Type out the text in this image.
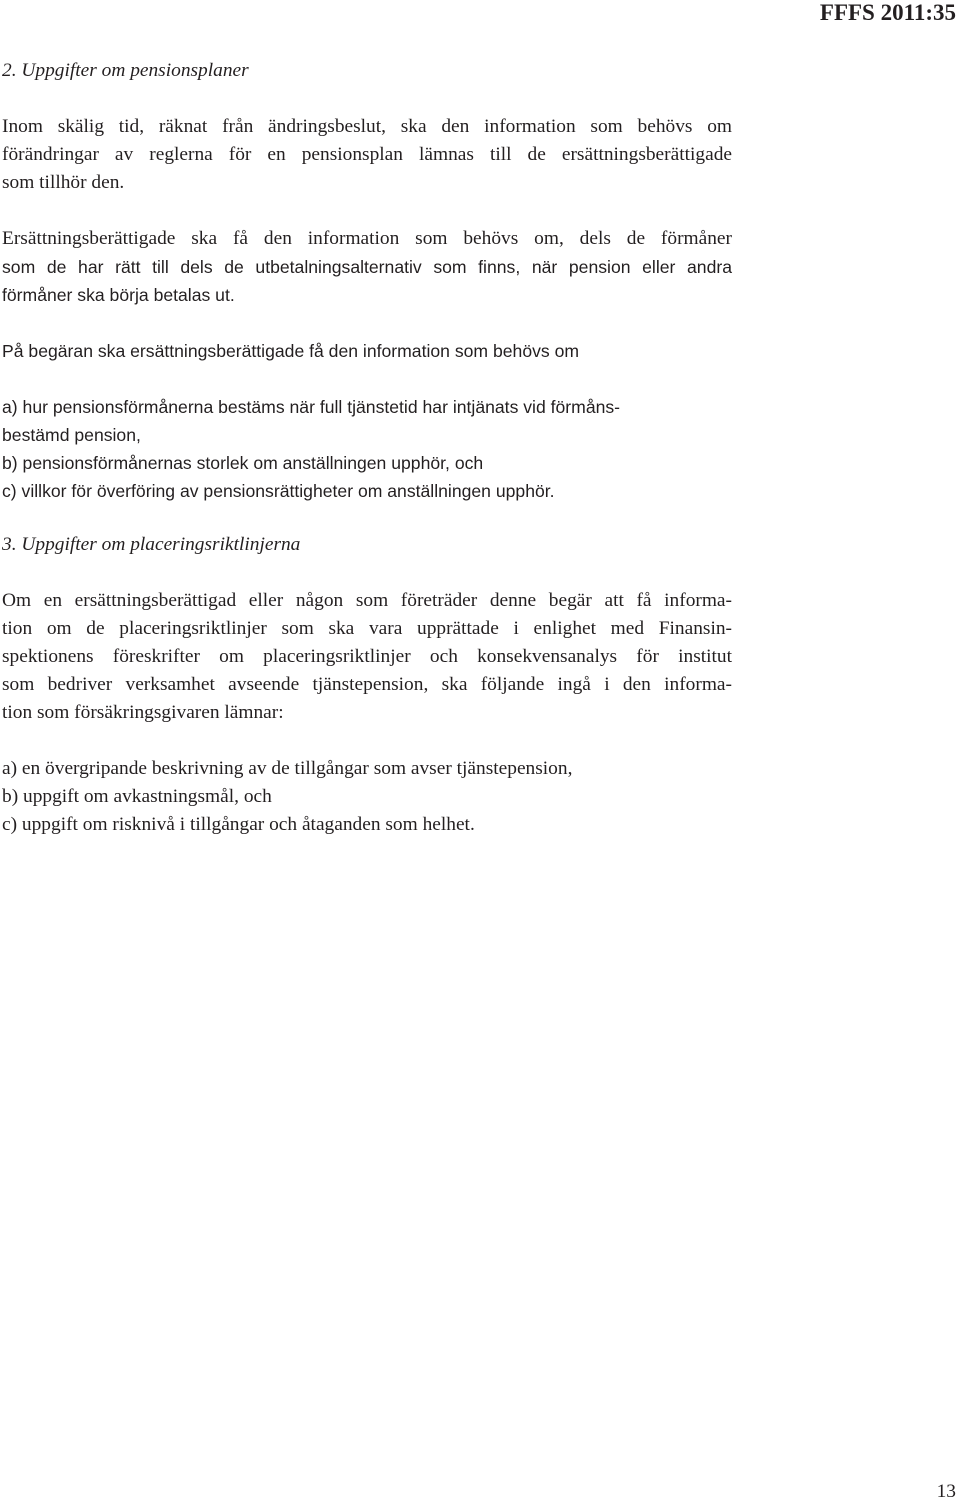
FFFS 2011:35

2. Uppgifter om pensionsplaner

Inom skälig tid, räknat från ändringsbeslut, ska den information som behövs om
förändringar av reglerna för en pensionsplan lämnas till de ersättningsberättigade
som tillhör den.

Ersättningsberättigade ska få den information som behövs om, dels de förmåner
som de har rätt till dels de utbetalningsalternativ som finns, när pension eller andra
förmåner ska börja betalas ut.

På begäran ska ersättningsberättigade få den information som behövs om

a) hur pensionsförmånerna bestäms när full tjänstetid har intjänats vid förmåns-
bestämd pension,
b) pensionsförmånernas storlek om anställningen upphör, och
c) villkor för överföring av pensionsrättigheter om anställningen upphör.

3. Uppgifter om placeringsriktlinjerna

Om en ersättningsberättigad eller någon som företräder denne begär att få informa-
tion om de placeringsriktlinjer som ska vara upprättade i enlighet med Finansin-
spektionens föreskrifter om placeringsriktlinjer och konsekvensanalys för institut
som bedriver verksamhet avseende tjänstepension, ska följande ingå i den informa-
tion som försäkringsgivaren lämnar:

a) en övergripande beskrivning av de tillgångar som avser tjänstepension,
b) uppgift om avkastningsmål, och
c) uppgift om risknivå i tillgångar och åtaganden som helhet.
13
